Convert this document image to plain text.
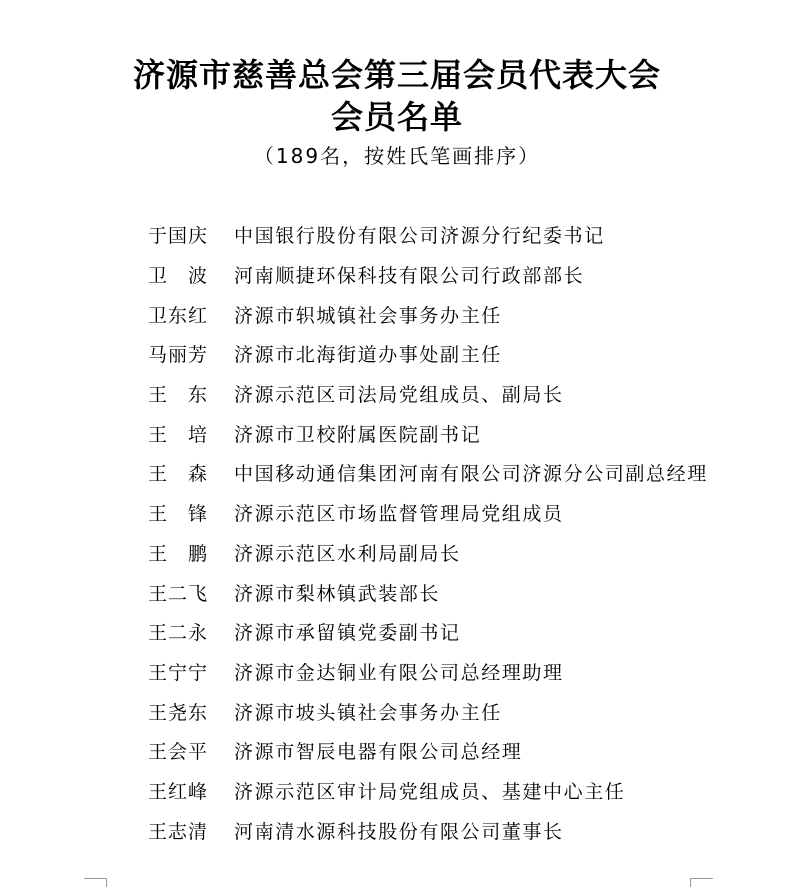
济源市慈善总会第三届会员代表大会
会员名单
（189名，按姓氏笔画排序）
于国庆	中国银行股份有限公司济源分行纪委书记
卫波 河南顺捷环保科技有限公司行政部部长
卫东红	济源市轵城镇社会事务办主任
马丽芳	济源市北海街道办事处副主任
王东 济源示范区司法局党组成员、副局长
王培 济源市卫校附属医院副书记
王森 中国移动通信集团河南有限公司济源分公司副总经理
王锋 济源示范区市场监督管理局党组成员
王鹏 济源示范区水利局副局长
王二飞	济源市梨林镇武装部长
王二永	济源市承留镇党委副书记
王宁宁	济源市金达铜业有限公司总经理助理
王尧东	济源市坡头镇社会事务办主任
王会平	济源市智辰电器有限公司总经理
王红峰	济源示范区审计局党组成员、基建中心主任
王志清	河南清水源科技股份有限公司董事长
